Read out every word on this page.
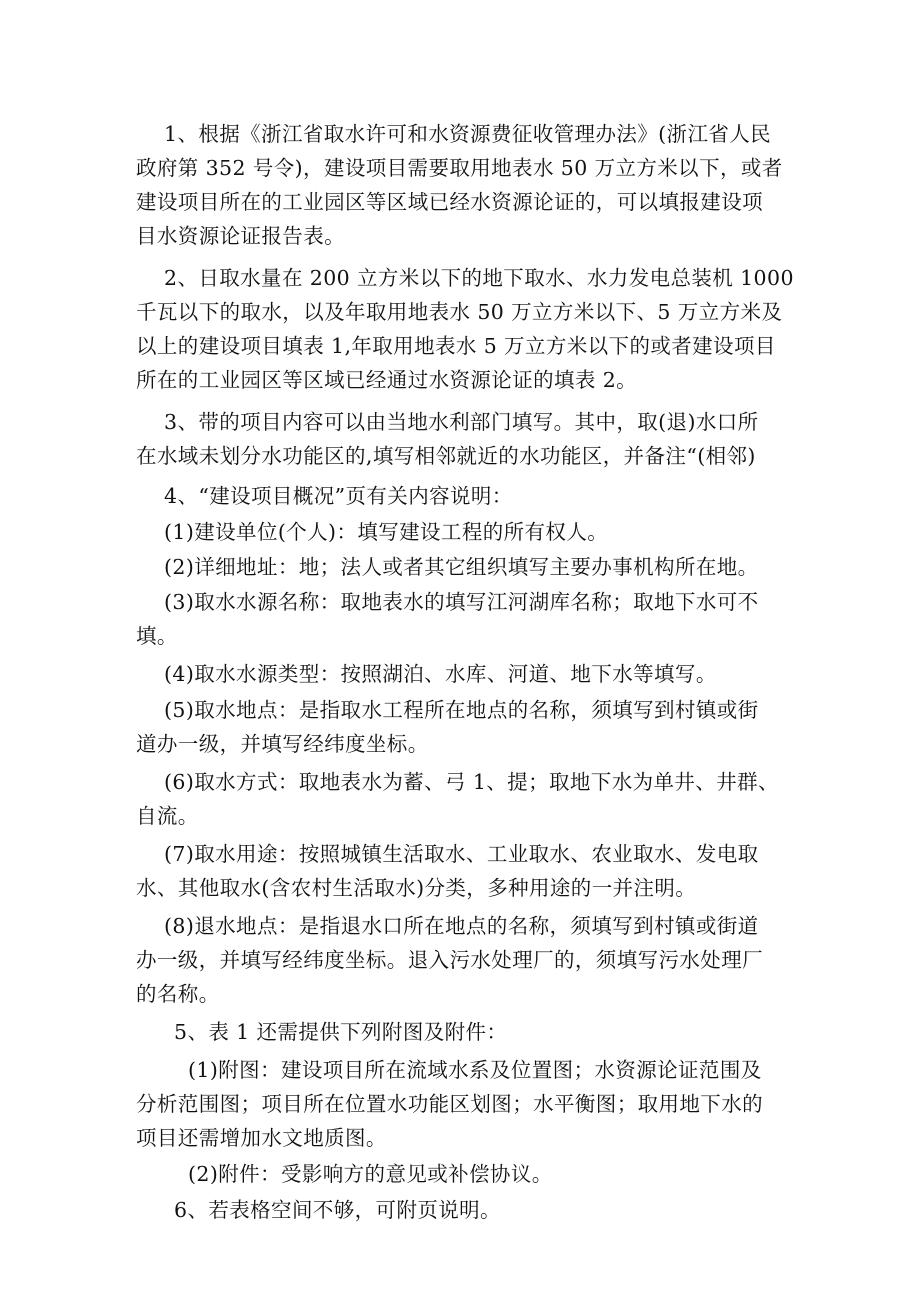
1、根据《浙江省取水许可和水资源费征收管理办法》(浙江省人民
政府第 352 号令)，建设项目需要取用地表水 50 万立方米以下，或者
建设项目所在的工业园区等区域已经水资源论证的，可以填报建设项
目水资源论证报告表。
2、日取水量在 200 立方米以下的地下取水、水力发电总装机 1000
千瓦以下的取水，以及年取用地表水 50 万立方米以下、5 万立方米及
以上的建设项目填表 1,年取用地表水 5 万立方米以下的或者建设项目
所在的工业园区等区域已经通过水资源论证的填表 2。
3、带的项目内容可以由当地水利部门填写。其中，取(退)水口所
在水域未划分水功能区的,填写相邻就近的水功能区，并备注“(相邻)
4、“建设项目概况”页有关内容说明：
(1)建设单位(个人)：填写建设工程的所有权人。
(2)详细地址：地；法人或者其它组织填写主要办事机构所在地。
(3)取水水源名称：取地表水的填写江河湖库名称；取地下水可不
填。
(4)取水水源类型：按照湖泊、水库、河道、地下水等填写。
(5)取水地点：是指取水工程所在地点的名称，须填写到村镇或街
道办一级，并填写经纬度坐标。
(6)取水方式：取地表水为蓄、弓 1、提；取地下水为单井、井群、
自流。
(7)取水用途：按照城镇生活取水、工业取水、农业取水、发电取
水、其他取水(含农村生活取水)分类，多种用途的一并注明。
(8)退水地点：是指退水口所在地点的名称，须填写到村镇或街道
办一级，并填写经纬度坐标。退入污水处理厂的，须填写污水处理厂
的名称。
5、表 1 还需提供下列附图及附件：
(1)附图：建设项目所在流域水系及位置图；水资源论证范围及
分析范围图；项目所在位置水功能区划图；水平衡图；取用地下水的
项目还需增加水文地质图。
(2)附件：受影响方的意见或补偿协议。
6、若表格空间不够，可附页说明。
